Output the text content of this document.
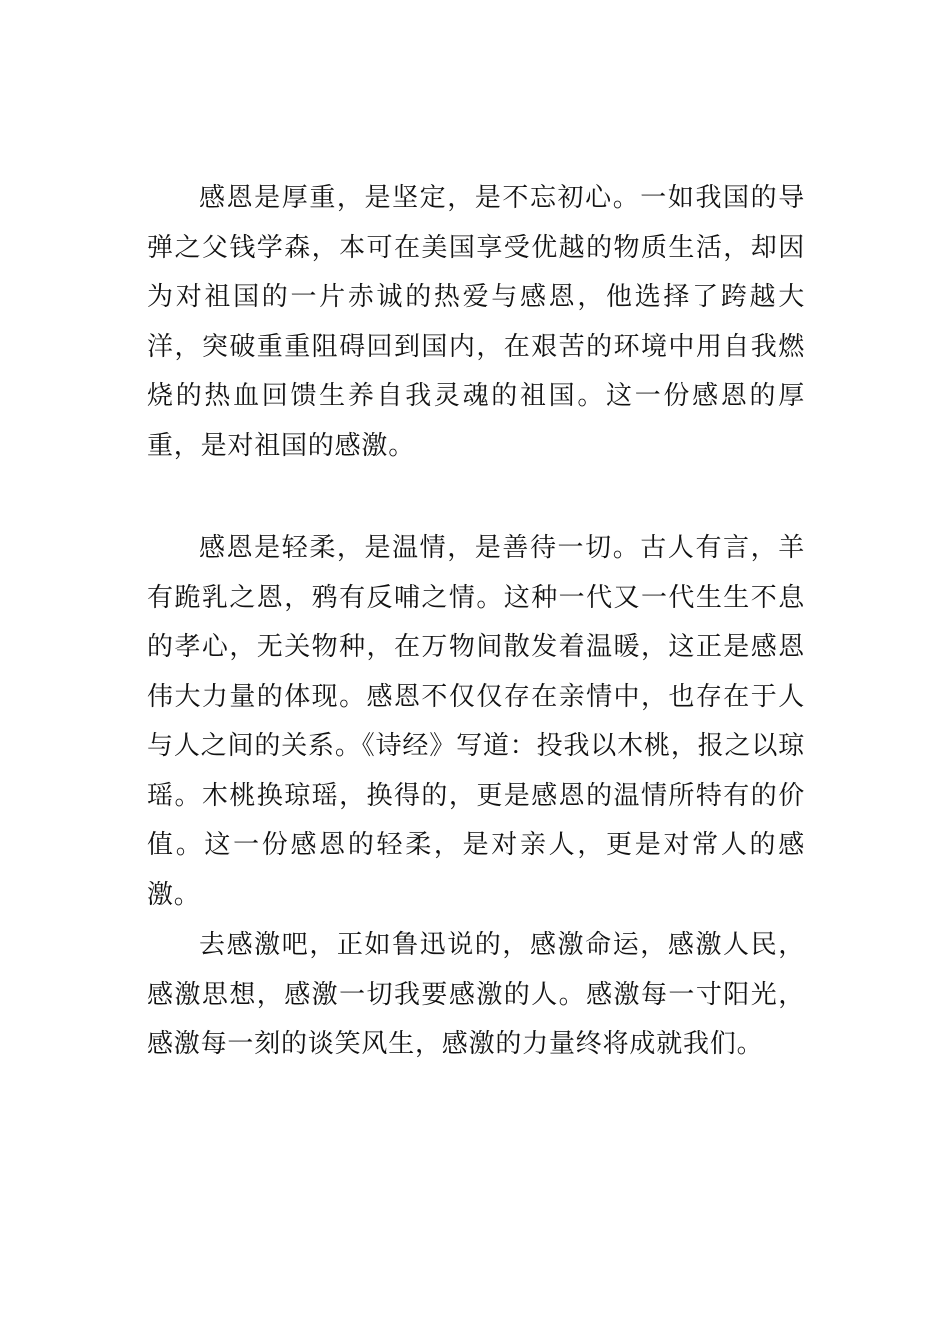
感恩是厚重，是坚定，是不忘初心。一如我国的导弹之父钱学森，本可在美国享受优越的物质生活，却因为对祖国的一片赤诚的热爱与感恩，他选择了跨越大洋，突破重重阻碍回到国内，在艰苦的环境中用自我燃烧的热血回馈生养自我灵魂的祖国。这一份感恩的厚重，是对祖国的感激。

感恩是轻柔，是温情，是善待一切。古人有言，羊有跪乳之恩，鸦有反哺之情。这种一代又一代生生不息的孝心，无关物种，在万物间散发着温暖，这正是感恩伟大力量的体现。感恩不仅仅存在亲情中，也存在于人与人之间的关系。《诗经》写道：投我以木桃，报之以琼瑶。木桃换琼瑶，换得的，更是感恩的温情所特有的价值。这一份感恩的轻柔，是对亲人，更是对常人的感激。

去感激吧，正如鲁迅说的，感激命运，感激人民，感激思想，感激一切我要感激的人。感激每一寸阳光，感激每一刻的谈笑风生，感激的力量终将成就我们。
